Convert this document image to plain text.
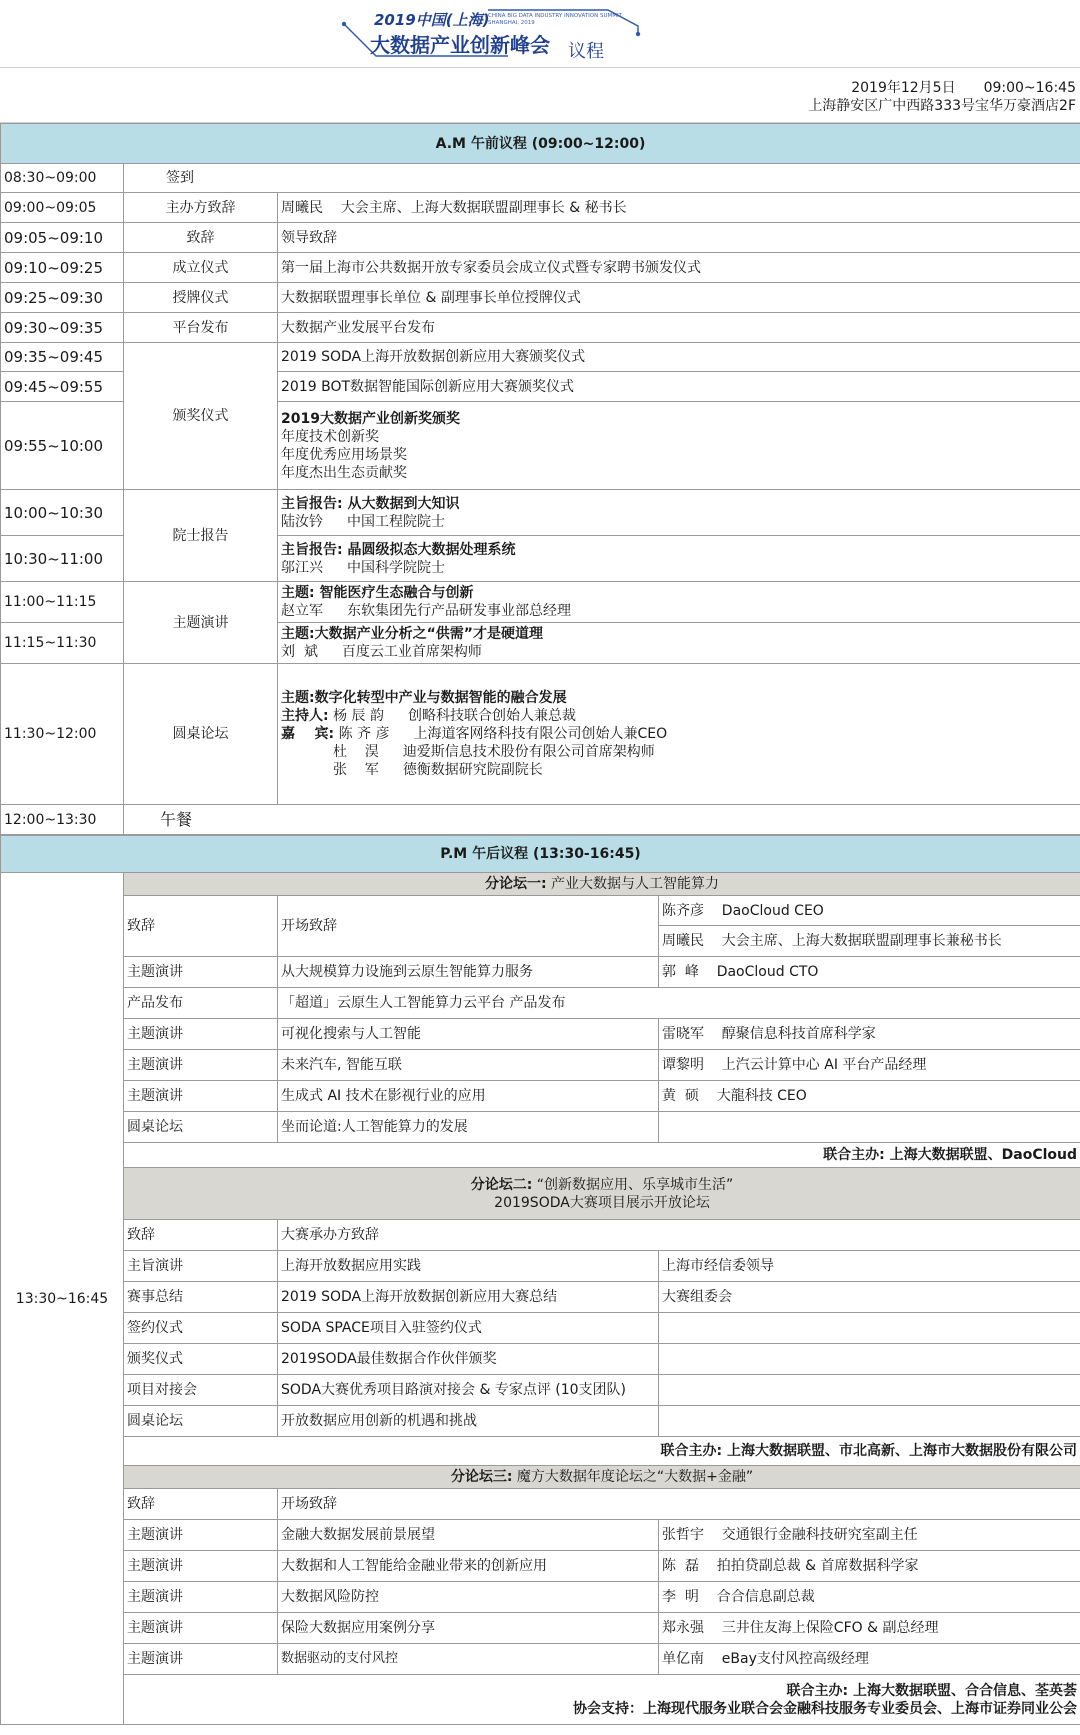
2019中国(上海)
CHINA BIG DATA INDUSTRY INNOVATION SUMMIT SHANGHAI, 2019
大数据产业创新峰会 议程
2019年12月5日 09:00~16:45
上海静安区广中西路333号宝华万豪酒店2F
A.M 午前议程 (09:00~12:00)		
08:30~09:00	签到	
09:00~09:05	主办方致辞	周曦民    大会主席、上海大数据联盟副理事长 & 秘书长
09:05~09:10	致辞	领导致辞
09:10~09:25	成立仪式	第一届上海市公共数据开放专家委员会成立仪式暨专家聘书颁发仪式
09:25~09:30	授牌仪式	大数据联盟理事长单位 & 副理事长单位授牌仪式
09:30~09:35	平台发布	大数据产业发展平台发布
09:35~09:45	颁奖仪式	2019 SODA上海开放数据创新应用大赛颁奖仪式
09:45~09:55		2019 BOT数据智能国际创新应用大赛颁奖仪式
09:55~10:00		2019大数据产业创新奖颁奖
年度技术创新奖
年度优秀应用场景奖
年度杰出生态贡献奖

10:00~10:30	院士报告	主旨报告: 从大数据到大知识
陆汝钤 中国工程院院士

10:30~11:00		主旨报告: 晶圆级拟态大数据处理系统
邬江兴 中国科学院院士

11:00~11:15	主题演讲	主题: 智能医疗生态融合与创新
赵立军 东软集团先行产品研发事业部总经理

11:15~11:30		主题:大数据产业分析之“供需”才是硬道理
刘  斌 百度云工业首席架构师

11:30~12:00	圆桌论坛	主题:数字化转型中产业与数据智能的融合发展
主持人: 杨 辰 韵 创略科技联合创始人兼总裁
嘉    宾: 陈 齐 彦 上海道客网络科技有限公司创始人兼CEO
杜    淏 迪爱斯信息技术股份有限公司首席架构师
张    军 德衡数据研究院副院长

12:00~13:30	午餐	
P.M 午后议程 (13:30-16:45)			
13:30~16:45	分论坛一: 产业大数据与人工智能算力		
	致辞	开场致辞	陈齐彦    DaoCloud CEO
			周曦民    大会主席、上海大数据联盟副理事长兼秘书长
	主题演讲	从大规模算力设施到云原生智能算力服务	郭  峰    DaoCloud CTO
	产品发布	「超道」云原生人工智能算力云平台 产品发布	
	主题演讲	可视化搜索与人工智能	雷晓军    醇聚信息科技首席科学家
	主题演讲	未来汽车, 智能互联	谭黎明    上汽云计算中心 AI 平台产品经理
	主题演讲	生成式 AI 技术在影视行业的应用	黄  硕    大龍科技 CEO
	圆桌论坛	坐而论道:人工智能算力的发展	
	联合主办: 上海大数据联盟、DaoCloud		

	分论坛二: “创新数据应用、乐享城市生活”
2019SODA大赛项目展示开放论坛		

	致辞	大赛承办方致辞	
	主旨演讲	上海开放数据应用实践	上海市经信委领导
	赛事总结	2019 SODA上海开放数据创新应用大赛总结	大赛组委会
	签约仪式	SODA SPACE项目入驻签约仪式	
	颁奖仪式	2019SODA最佳数据合作伙伴颁奖	
	项目对接会	SODA大赛优秀项目路演对接会 & 专家点评 (10支团队)	
	圆桌论坛	开放数据应用创新的机遇和挑战	
	联合主办: 上海大数据联盟、市北高新、上海市大数据股份有限公司		
	分论坛三: 魔方大数据年度论坛之“大数据+金融”		
	致辞	开场致辞	
	主题演讲	金融大数据发展前景展望	张哲宇    交通银行金融科技研究室副主任
	主题演讲	大数据和人工智能给金融业带来的创新应用	陈  磊    拍拍贷副总裁 & 首席数据科学家
	主题演讲	大数据风险防控	李  明    合合信息副总裁
	主题演讲	保险大数据应用案例分享	郑永强    三井住友海上保险CFO & 副总经理
	主题演讲	数据驱动的支付风控	单亿南    eBay支付风控高级经理

	联合主办: 上海大数据联盟、合合信息、荃英荟
协会支持：上海现代服务业联合会金融科技服务专业委员会、上海市证券同业公会		
